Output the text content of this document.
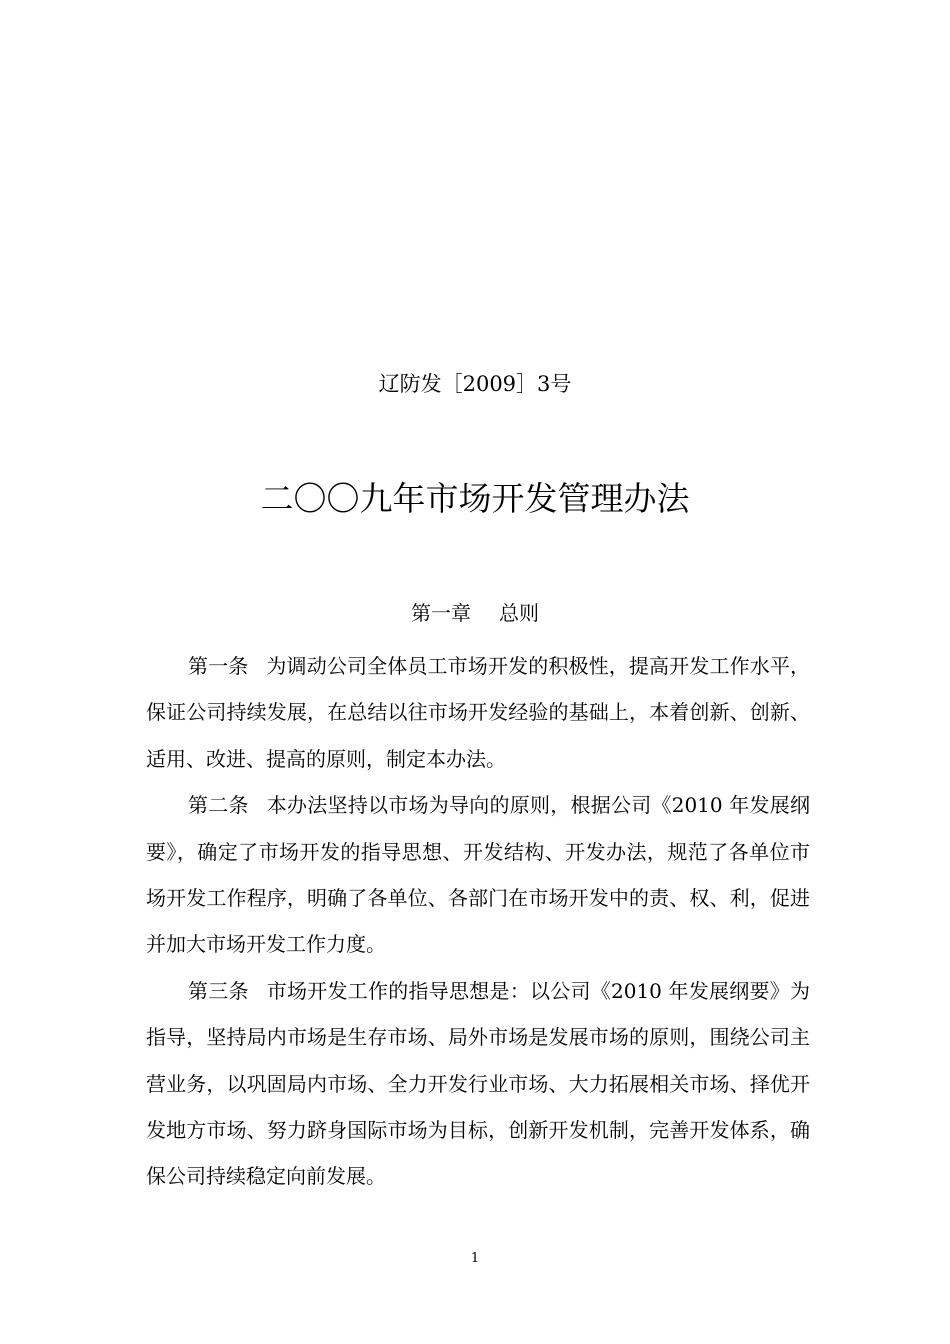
辽防发［2009］3号
二〇〇九年市场开发管理办法
第一章 总则

第一条 为调动公司全体员工市场开发的积极性，提高开发工作水平，保证公司持续发展，在总结以往市场开发经验的基础上，本着创新、创新、适用、改进、提高的原则，制定本办法。

第二条 本办法坚持以市场为导向的原则，根据公司《2010 年发展纲要》，确定了市场开发的指导思想、开发结构、开发办法，规范了各单位市场开发工作程序，明确了各单位、各部门在市场开发中的责、权、利，促进并加大市场开发工作力度。

第三条 市场开发工作的指导思想是：以公司《2010 年发展纲要》为指导，坚持局内市场是生存市场、局外市场是发展市场的原则，围绕公司主营业务，以巩固局内市场、全力开发行业市场、大力拓展相关市场、择优开发地方市场、努力跻身国际市场为目标，创新开发机制，完善开发体系，确保公司持续稳定向前发展。

1
